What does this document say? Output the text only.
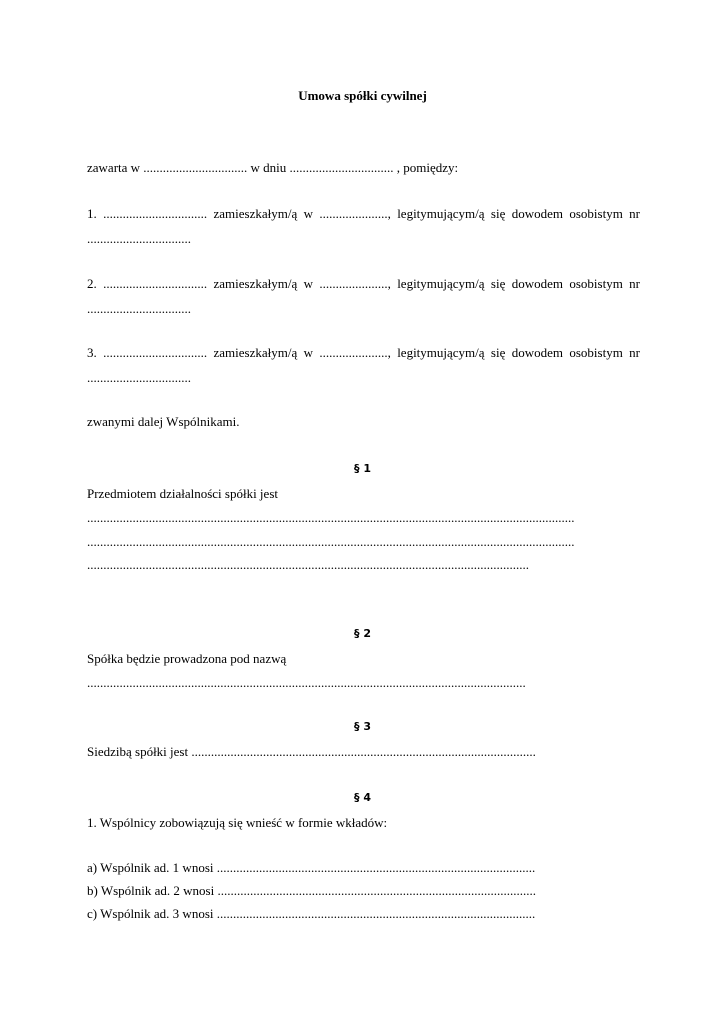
Umowa spółki cywilnej
zawarta w ................................ w dniu ................................ , pomiędzy:
1. ................................ zamieszkałym/ą w ....................., legitymującym/ą się dowodem osobistym nr
................................
2. ................................ zamieszkałym/ą w ....................., legitymującym/ą się dowodem osobistym nr
................................
3. ................................ zamieszkałym/ą w ....................., legitymującym/ą się dowodem osobistym nr
................................
zwanymi dalej Wspólnikami.
§ 1
Przedmiotem działalności spółki jest
......................................................................................................................................................
......................................................................................................................................................
........................................................................................................................................
§ 2
Spółka będzie prowadzona pod nazwą
.......................................................................................................................................
§ 3
Siedzibą spółki jest ..........................................................................................................
§ 4
1. Wspólnicy zobowiązują się wnieść w formie wkładów:
a) Wspólnik ad. 1 wnosi ..................................................................................................
b) Wspólnik ad. 2 wnosi ..................................................................................................
c) Wspólnik ad. 3 wnosi ..................................................................................................
